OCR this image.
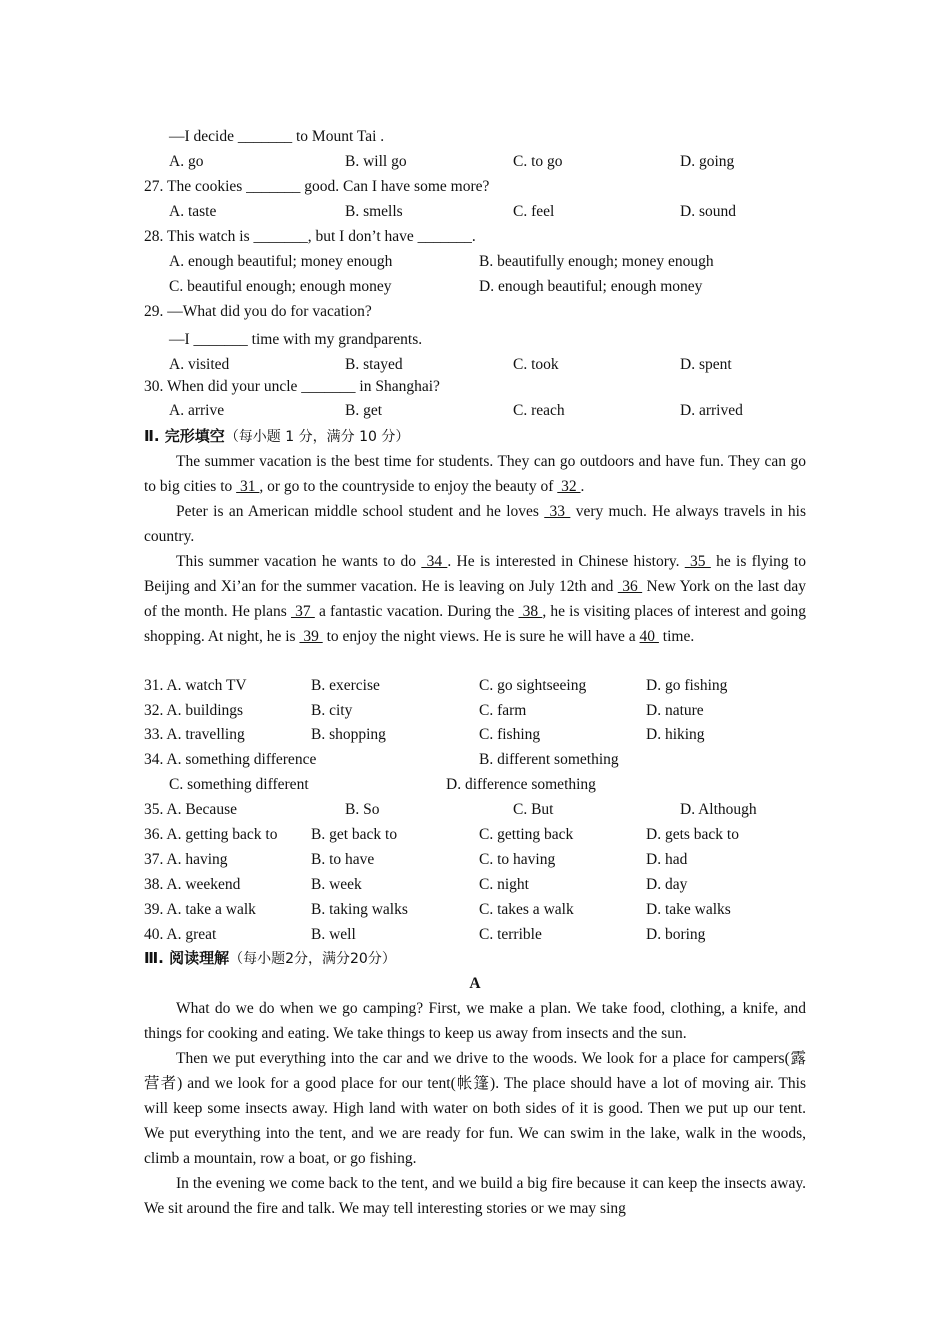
—I decide _______ to Mount Tai .
A. go	B. will go	C. to go	D. going
27. The cookies _______ good. Can I have some more?
A. taste	B. smells	C. feel	D. sound
28. This watch is _______, but I don’t have _______.
A. enough beautiful; money enough	B. beautifully enough; money enough
C. beautiful enough; enough money	D. enough beautiful; enough money
29. —What did you do for vacation?
—I _______ time with my grandparents.
A. visited	B. stayed	C. took	D. spent
30. When did your uncle _______ in Shanghai?
A. arrive	B. get	C. reach	D. arrived
Ⅱ. 完形填空（每小题 1 分，满分 10 分）

The summer vacation is the best time for students. They can go outdoors and have fun. They can go to big cities to  31 , or go to the countryside to enjoy the beauty of  32 .

Peter is an American middle school student and he loves  33  very much. He always travels in his country.

This summer vacation he wants to do  34 . He is interested in Chinese history.  35  he is flying to Beijing and Xi’an for the summer vacation. He is leaving on July 12th and  36  New York on the last day of the month. He plans  37  a fantastic vacation. During the  38 , he is visiting places of interest and going shopping. At night, he is  39  to enjoy the night views. He is sure he will have a 40  time.

31. A. watch TV	B. exercise	C. go sightseeing	D. go fishing
32. A. buildings	B. city	C. farm	D. nature
33. A. travelling	B. shopping	C. fishing	D. hiking
34. A. something difference	B. different something
C. something different	D. difference something
35. A. Because	B. So	C. But	D. Although
36. A. getting back to B. get back to	C. getting back	D. gets back to
37. A. having	B. to have	C. to having	D. had
38. A. weekend	B. week	C. night	D. day
39. A. take a walk	B. taking walks	C. takes a walk	D. take walks
40. A. great	B. well	C. terrible	D. boring
Ⅲ. 阅读理解（每小题2分，满分20分）
A

What do we do when we go camping? First, we make a plan. We take food, clothing, a knife, and things for cooking and eating. We take things to keep us away from insects and the sun.

Then we put everything into the car and we drive to the woods. We look for a place for campers(露营者) and we look for a good place for our tent(帐篷). The place should have a lot of moving air. This will keep some insects away. High land with water on both sides of it is good. Then we put up our tent. We put everything into the tent, and we are ready for fun. We can swim in the lake, walk in the woods, climb a mountain, row a boat, or go fishing.

In the evening we come back to the tent, and we build a big fire because it can keep the insects away. We sit around the fire and talk. We may tell interesting stories or we may sing
